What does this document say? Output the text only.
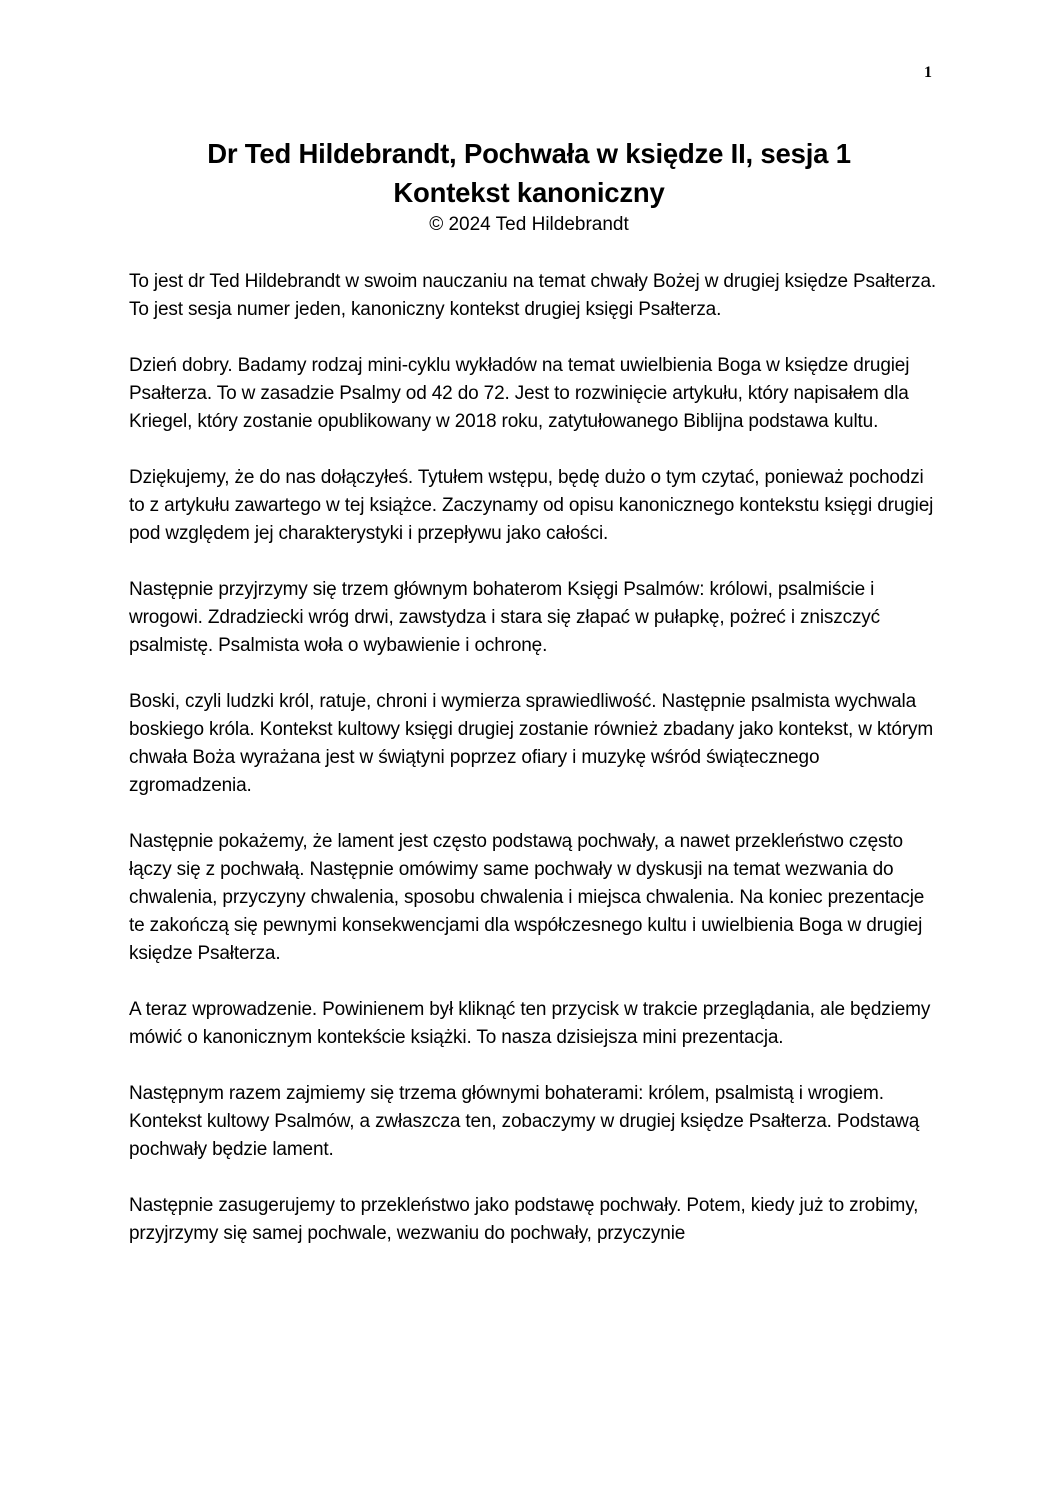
1

Dr Ted Hildebrandt, Pochwała w księdze II, sesja 1

Kontekst kanoniczny

© 2024 Ted Hildebrandt

To jest dr Ted Hildebrandt w swoim nauczaniu na temat chwały Bożej w drugiej księdze Psałterza. To jest sesja numer jeden, kanoniczny kontekst drugiej księgi Psałterza.

Dzień dobry. Badamy rodzaj mini-cyklu wykładów na temat uwielbienia Boga w księdze drugiej Psałterza. To w zasadzie Psalmy od 42 do 72. Jest to rozwinięcie artykułu, który napisałem dla Kriegel, który zostanie opublikowany w 2018 roku, zatytułowanego Biblijna podstawa kultu.

Dziękujemy, że do nas dołączyłeś. Tytułem wstępu, będę dużo o tym czytać, ponieważ pochodzi to z artykułu zawartego w tej książce. Zaczynamy od opisu kanonicznego kontekstu księgi drugiej pod względem jej charakterystyki i przepływu jako całości.

Następnie przyjrzymy się trzem głównym bohaterom Księgi Psalmów: królowi, psalmiście i wrogowi. Zdradziecki wróg drwi, zawstydza i stara się złapać w pułapkę, pożreć i zniszczyć psalmistę. Psalmista woła o wybawienie i ochronę.

Boski, czyli ludzki król, ratuje, chroni i wymierza sprawiedliwość. Następnie psalmista wychwala boskiego króla. Kontekst kultowy księgi drugiej zostanie również zbadany jako kontekst, w którym chwała Boża wyrażana jest w świątyni poprzez ofiary i muzykę wśród świątecznego zgromadzenia.

Następnie pokażemy, że lament jest często podstawą pochwały, a nawet przekleństwo często łączy się z pochwałą. Następnie omówimy same pochwały w dyskusji na temat wezwania do chwalenia, przyczyny chwalenia, sposobu chwalenia i miejsca chwalenia. Na koniec prezentacje te zakończą się pewnymi konsekwencjami dla współczesnego kultu i uwielbienia Boga w drugiej księdze Psałterza.

A teraz wprowadzenie. Powinienem był kliknąć ten przycisk w trakcie przeglądania, ale będziemy mówić o kanonicznym kontekście książki. To nasza dzisiejsza mini prezentacja.

Następnym razem zajmiemy się trzema głównymi bohaterami: królem, psalmistą i wrogiem. Kontekst kultowy Psalmów, a zwłaszcza ten, zobaczymy w drugiej księdze Psałterza. Podstawą pochwały będzie lament.

Następnie zasugerujemy to przekleństwo jako podstawę pochwały. Potem, kiedy już to zrobimy, przyjrzymy się samej pochwale, wezwaniu do pochwały, przyczynie
